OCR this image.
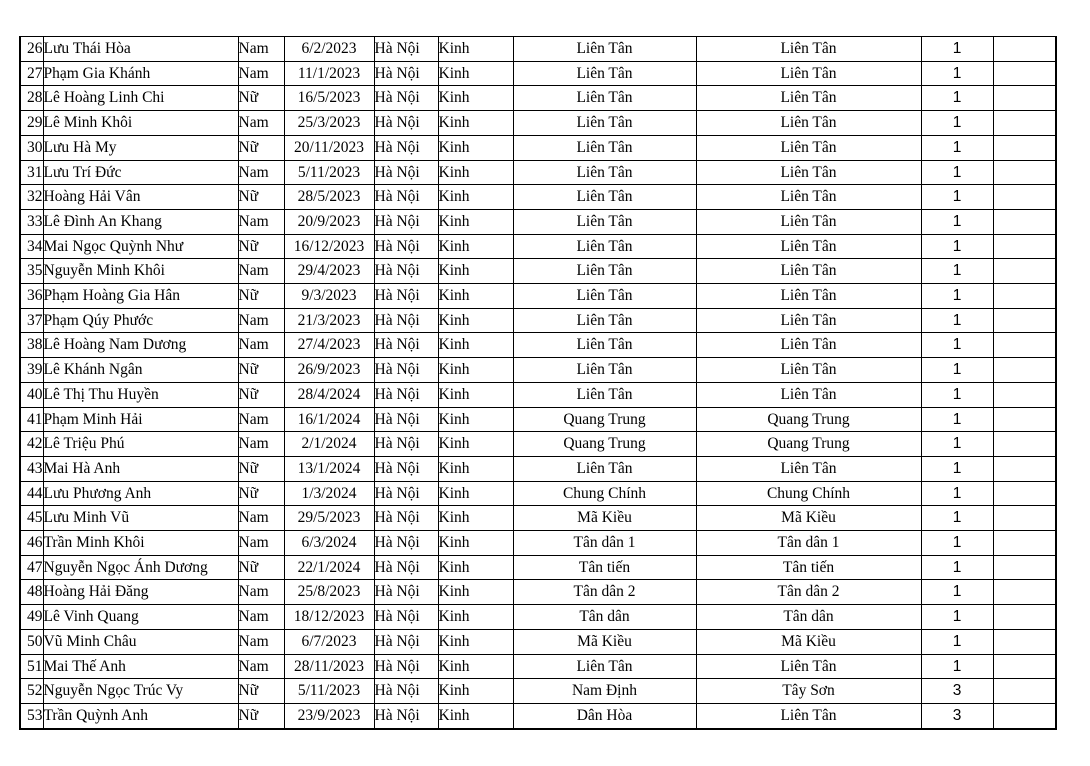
26	Lưu Thái Hòa	Nam	6/2/2023	Hà Nội	Kinh	Liên Tân	Liên Tân	1	
27	Phạm Gia Khánh	Nam	11/1/2023	Hà Nội	Kinh	Liên Tân	Liên Tân	1	
28	Lê Hoàng Linh Chi	Nữ	16/5/2023	Hà Nội	Kinh	Liên Tân	Liên Tân	1	
29	Lê Minh Khôi	Nam	25/3/2023	Hà Nội	Kinh	Liên Tân	Liên Tân	1	
30	Lưu Hà My	Nữ	20/11/2023	Hà Nội	Kinh	Liên Tân	Liên Tân	1	
31	Lưu Trí Đức	Nam	5/11/2023	Hà Nội	Kinh	Liên Tân	Liên Tân	1	
32	Hoàng Hải Vân	Nữ	28/5/2023	Hà Nội	Kinh	Liên Tân	Liên Tân	1	
33	Lê Đình An Khang	Nam	20/9/2023	Hà Nội	Kinh	Liên Tân	Liên Tân	1	
34	Mai Ngọc Quỳnh Như	Nữ	16/12/2023	Hà Nội	Kinh	Liên Tân	Liên Tân	1	
35	Nguyễn Minh Khôi	Nam	29/4/2023	Hà Nội	Kinh	Liên Tân	Liên Tân	1	
36	Phạm Hoàng Gia Hân	Nữ	9/3/2023	Hà Nội	Kinh	Liên Tân	Liên Tân	1	
37	Phạm Qúy Phước	Nam	21/3/2023	Hà Nội	Kinh	Liên Tân	Liên Tân	1	
38	Lê Hoàng Nam Dương	Nam	27/4/2023	Hà Nội	Kinh	Liên Tân	Liên Tân	1	
39	Lê Khánh Ngân	Nữ	26/9/2023	Hà Nội	Kinh	Liên Tân	Liên Tân	1	
40	Lê Thị Thu Huyền	Nữ	28/4/2024	Hà Nội	Kinh	Liên Tân	Liên Tân	1	
41	Phạm Minh Hải	Nam	16/1/2024	Hà Nội	Kinh	Quang Trung	Quang Trung	1	
42	Lê Triệu Phú	Nam	2/1/2024	Hà Nội	Kinh	Quang Trung	Quang Trung	1	
43	Mai Hà Anh	Nữ	13/1/2024	Hà Nội	Kinh	Liên Tân	Liên Tân	1	
44	Lưu Phương Anh	Nữ	1/3/2024	Hà Nội	Kinh	Chung Chính	Chung Chính	1	
45	Lưu Minh Vũ	Nam	29/5/2023	Hà Nội	Kinh	Mã Kiều	Mã Kiều	1	
46	Trần Minh Khôi	Nam	6/3/2024	Hà Nội	Kinh	Tân dân 1	Tân dân 1	1	
47	Nguyễn Ngọc Ánh Dương	Nữ	22/1/2024	Hà Nội	Kinh	Tân tiến	Tân tiến	1	
48	Hoàng Hải Đăng	Nam	25/8/2023	Hà Nội	Kinh	Tân dân 2	Tân dân 2	1	
49	Lê Vinh Quang	Nam	18/12/2023	Hà Nội	Kinh	Tân dân	Tân dân	1	
50	Vũ Minh Châu	Nam	6/7/2023	Hà Nội	Kinh	Mã Kiều	Mã Kiều	1	
51	Mai Thế Anh	Nam	28/11/2023	Hà Nội	Kinh	Liên Tân	Liên Tân	1	
52	Nguyễn Ngọc Trúc Vy	Nữ	5/11/2023	Hà Nội	Kinh	Nam Định	Tây Sơn	3	
53	Trần Quỳnh Anh	Nữ	23/9/2023	Hà Nội	Kinh	Dân Hòa	Liên Tân	3	
